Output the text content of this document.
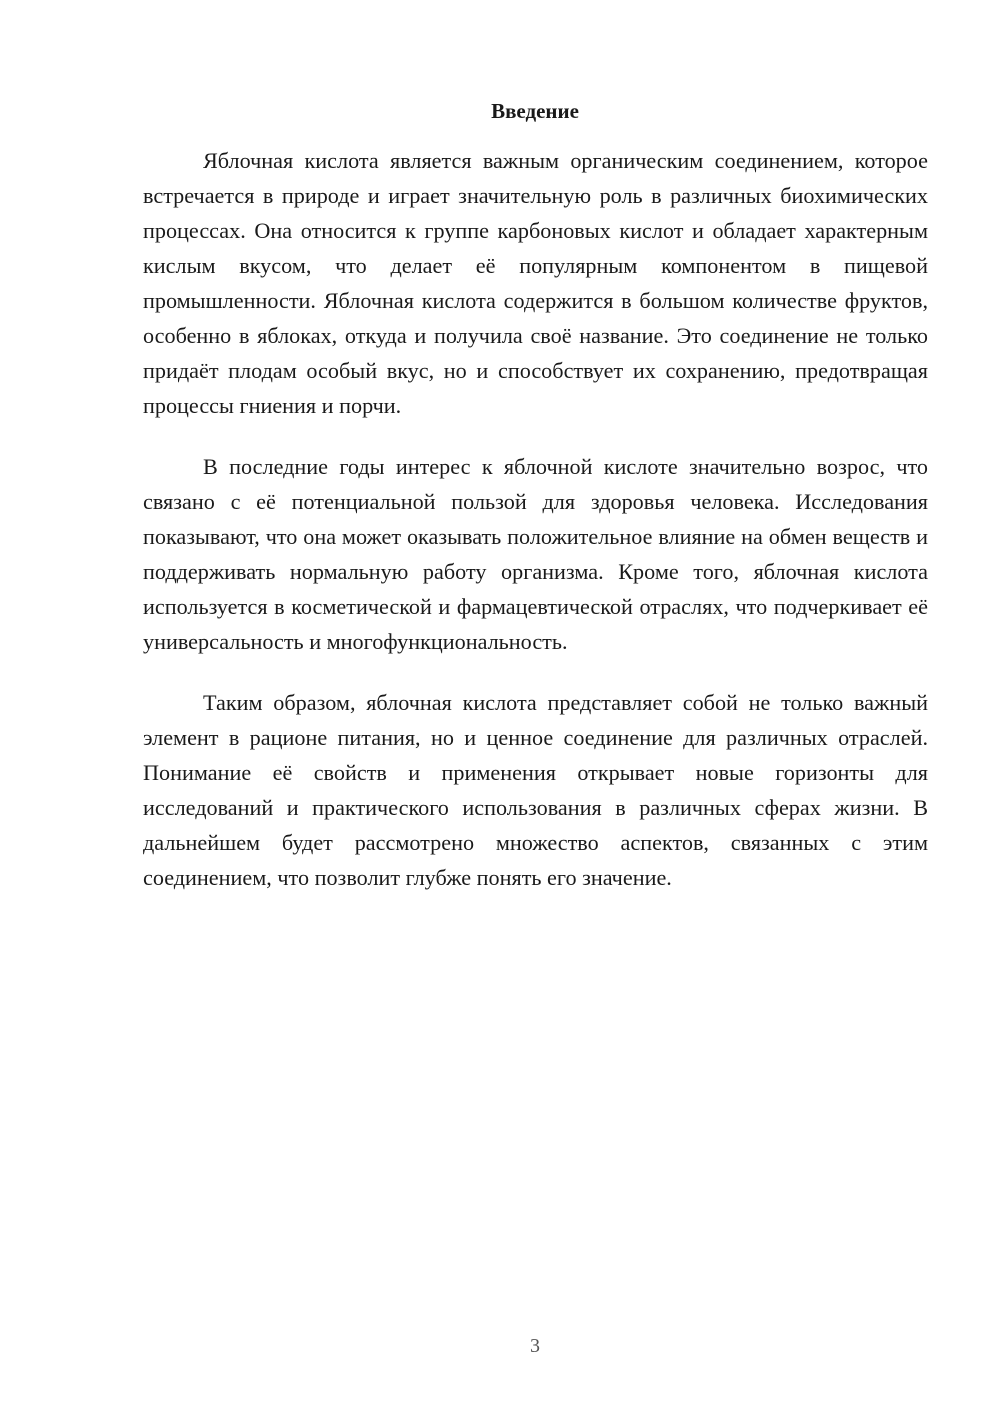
Введение

Яблочная кислота является важным органическим соединением, которое встречается в природе и играет значительную роль в различных биохимических процессах. Она относится к группе карбоновых кислот и обладает характерным кислым вкусом, что делает её популярным компонентом в пищевой промышленности. Яблочная кислота содержится в большом количестве фруктов, особенно в яблоках, откуда и получила своё название. Это соединение не только придаёт плодам особый вкус, но и способствует их сохранению, предотвращая процессы гниения и порчи.

В последние годы интерес к яблочной кислоте значительно возрос, что связано с её потенциальной пользой для здоровья человека. Исследования показывают, что она может оказывать положительное влияние на обмен веществ и поддерживать нормальную работу организма. Кроме того, яблочная кислота используется в косметической и фармацевтической отраслях, что подчеркивает её универсальность и многофункциональность.

Таким образом, яблочная кислота представляет собой не только важный элемент в рационе питания, но и ценное соединение для различных отраслей. Понимание её свойств и применения открывает новые горизонты для исследований и практического использования в различных сферах жизни. В дальнейшем будет рассмотрено множество аспектов, связанных с этим соединением, что позволит глубже понять его значение.

3
